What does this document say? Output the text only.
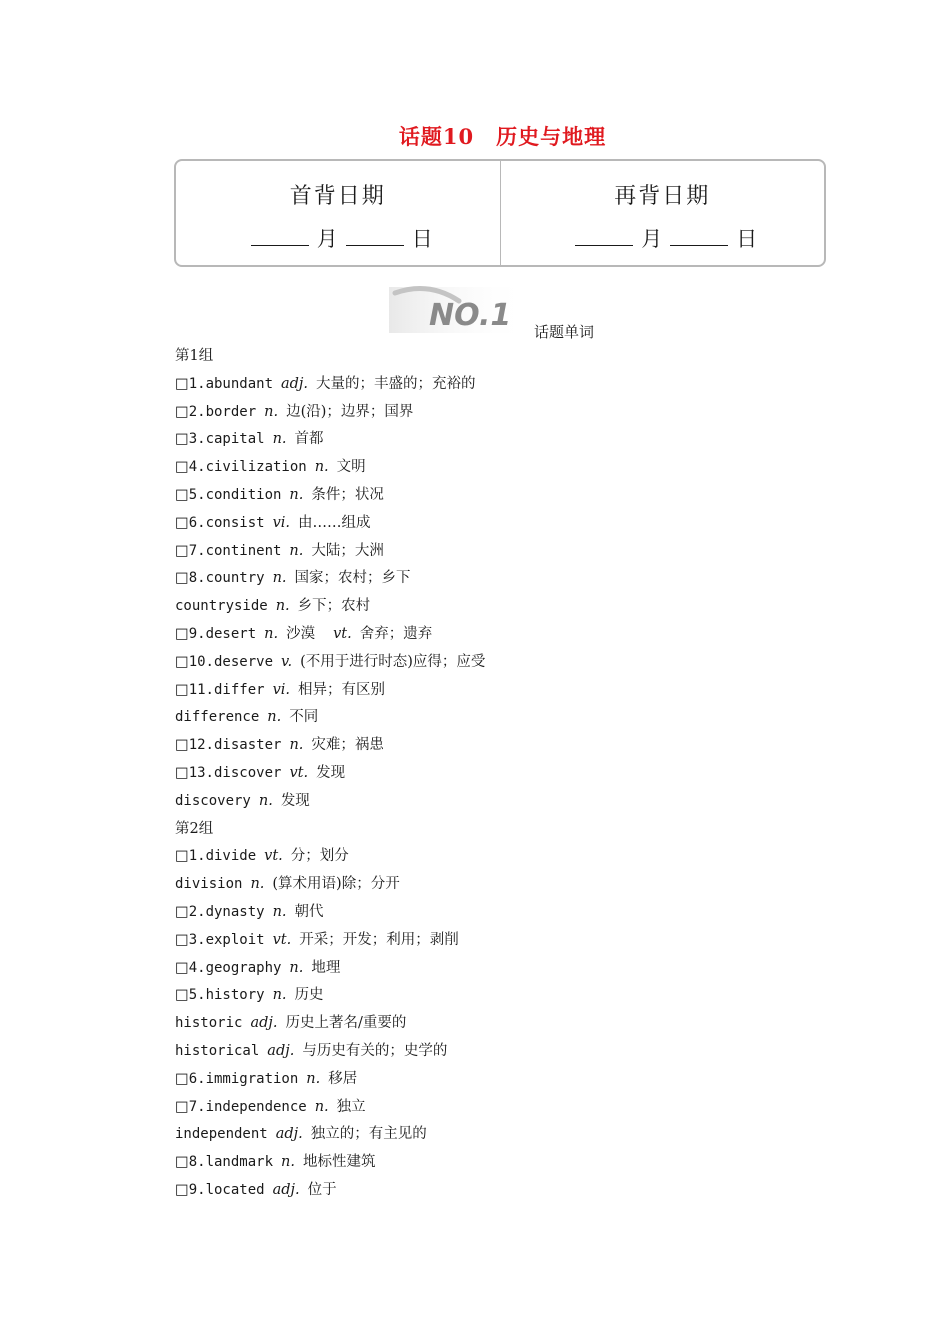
话题10　历史与地理
首背日期
月	日
再背日期
月	日
NO.1 话题单词
第1组
□1.abundant adj. 大量的；丰盛的；充裕的
□2.border n. 边(沿)；边界；国界
□3.capital n. 首都
□4.civilization n. 文明
□5.condition n. 条件；状况
□6.consist vi. 由……组成
□7.continent n. 大陆；大洲
□8.country n. 国家；农村；乡下
countryside n. 乡下；农村
□9.desert n. 沙漠 vt. 舍弃；遗弃
□10.deserve v. (不用于进行时态)应得；应受
□11.differ vi. 相异；有区别
difference n. 不同
□12.disaster n. 灾难；祸患
□13.discover vt. 发现
discovery n. 发现
第2组
□1.divide vt. 分；划分
division n. (算术用语)除；分开
□2.dynasty n. 朝代
□3.exploit vt. 开采；开发；利用；剥削
□4.geography n. 地理
□5.history n. 历史
historic adj. 历史上著名/重要的
historical adj. 与历史有关的；史学的
□6.immigration n. 移居
□7.independence n. 独立
independent adj. 独立的；有主见的
□8.landmark n. 地标性建筑
□9.located adj. 位于
